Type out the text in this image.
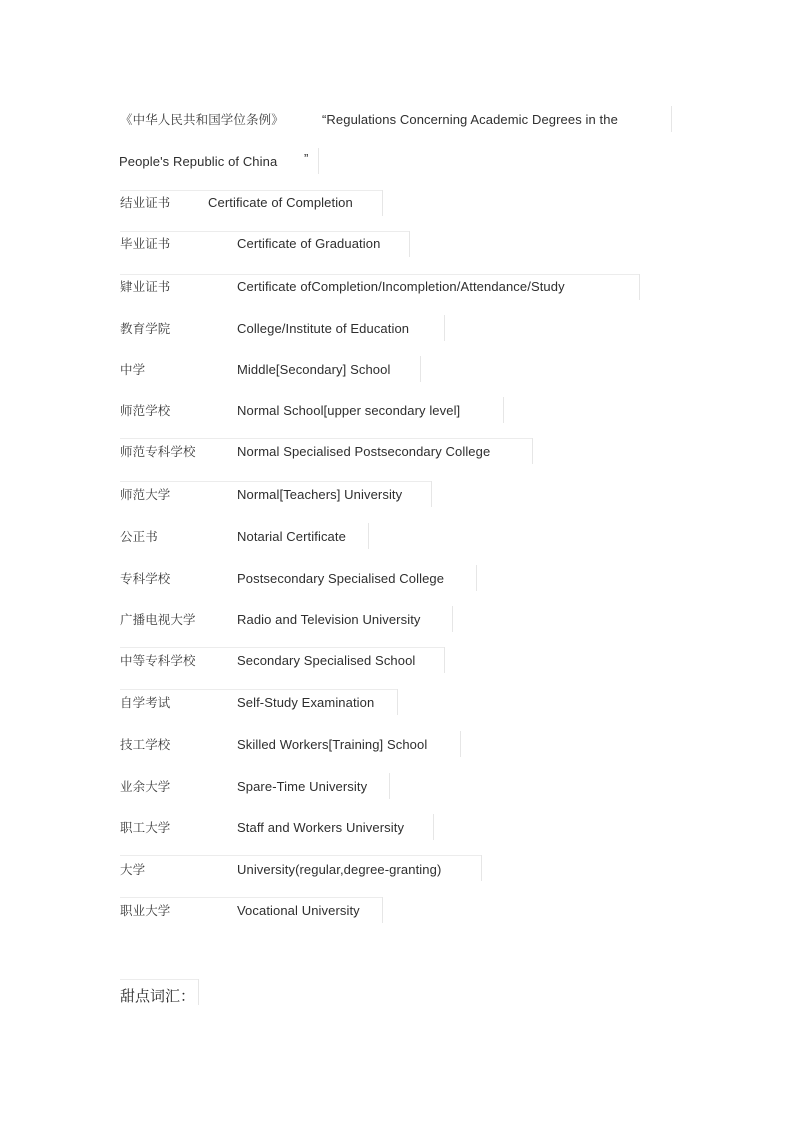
《中华人民共和国学位条例》	“Regulations Concerning Academic Degrees in the
People's Republic of China ”
结业证书	Certificate of Completion
毕业证书	Certificate of Graduation
肄业证书	Certificate ofCompletion/Incompletion/Attendance/Study
教育学院	College/Institute of Education
中学	Middle[Secondary] School
师范学校	Normal School[upper secondary level]
师范专科学校	Normal Specialised Postsecondary College
师范大学	Normal[Teachers] University
公正书	Notarial Certificate
专科学校	Postsecondary Specialised College
广播电视大学	Radio and Television University
中等专科学校	Secondary Specialised School
自学考试	Self-Study Examination
技工学校	Skilled Workers[Training] School
业余大学	Spare-Time University
职工大学	Staff and Workers University
大学	University(regular,degree-granting)
职业大学	Vocational University
甜点词汇：
